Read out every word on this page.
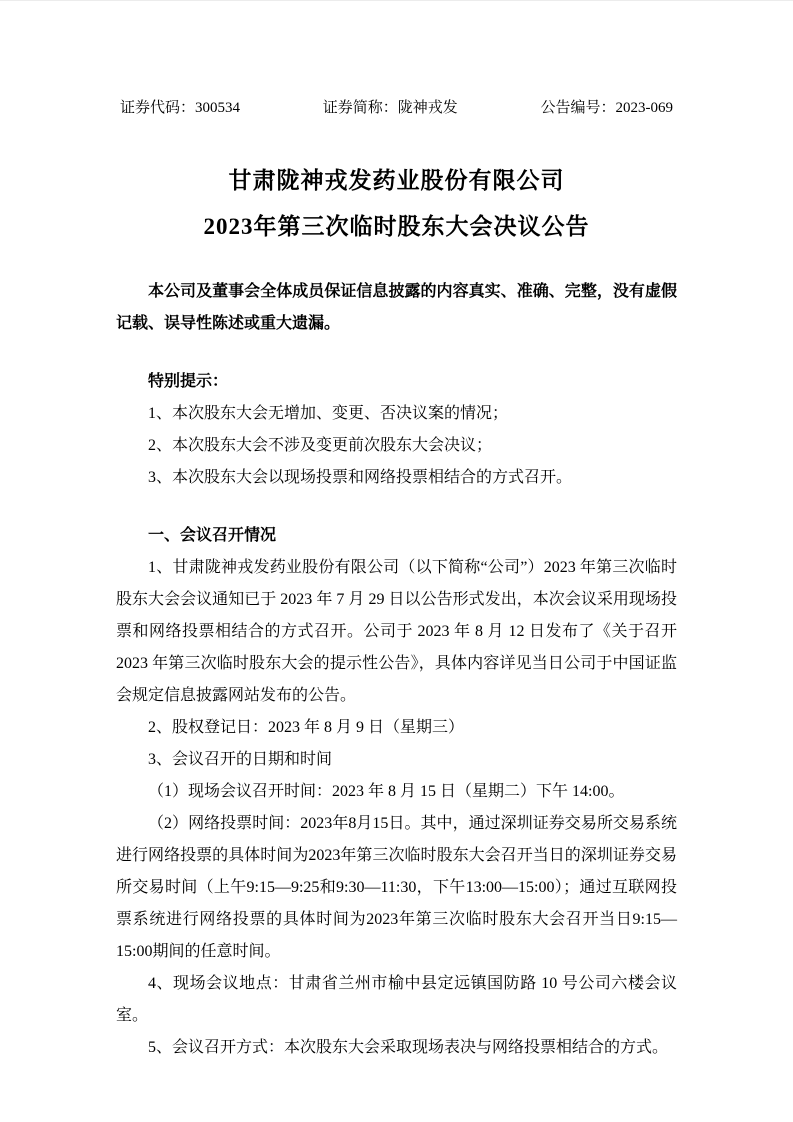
证券代码：300534	证券简称：陇神戎发	公告编号：2023-069
甘肃陇神戎发药业股份有限公司
2023年第三次临时股东大会决议公告

本公司及董事会全体成员保证信息披露的内容真实、准确、完整，没有虚假记载、误导性陈述或重大遗漏。

特别提示：
1、本次股东大会无增加、变更、否决议案的情况；
2、本次股东大会不涉及变更前次股东大会决议；
3、本次股东大会以现场投票和网络投票相结合的方式召开。
一、会议召开情况

1、甘肃陇神戎发药业股份有限公司（以下简称“公司”）2023 年第三次临时股东大会会议通知已于 2023 年 7 月 29 日以公告形式发出，本次会议采用现场投票和网络投票相结合的方式召开。公司于 2023 年 8 月 12 日发布了《关于召开 2023 年第三次临时股东大会的提示性公告》，具体内容详见当日公司于中国证监会规定信息披露网站发布的公告。

2、股权登记日：2023 年 8 月 9 日（星期三）

3、会议召开的日期和时间

（1）现场会议召开时间：2023 年 8 月 15 日（星期二）下午 14:00。

（2）网络投票时间：2023年8月15日。其中，通过深圳证券交易所交易系统进行网络投票的具体时间为2023年第三次临时股东大会召开当日的深圳证券交易所交易时间（上午9:15—9:25和9:30—11:30，下午13:00—15:00）；通过互联网投票系统进行网络投票的具体时间为2023年第三次临时股东大会召开当日9:15—15:00期间的任意时间。

4、现场会议地点：甘肃省兰州市榆中县定远镇国防路 10 号公司六楼会议室。

5、会议召开方式：本次股东大会采取现场表决与网络投票相结合的方式。
